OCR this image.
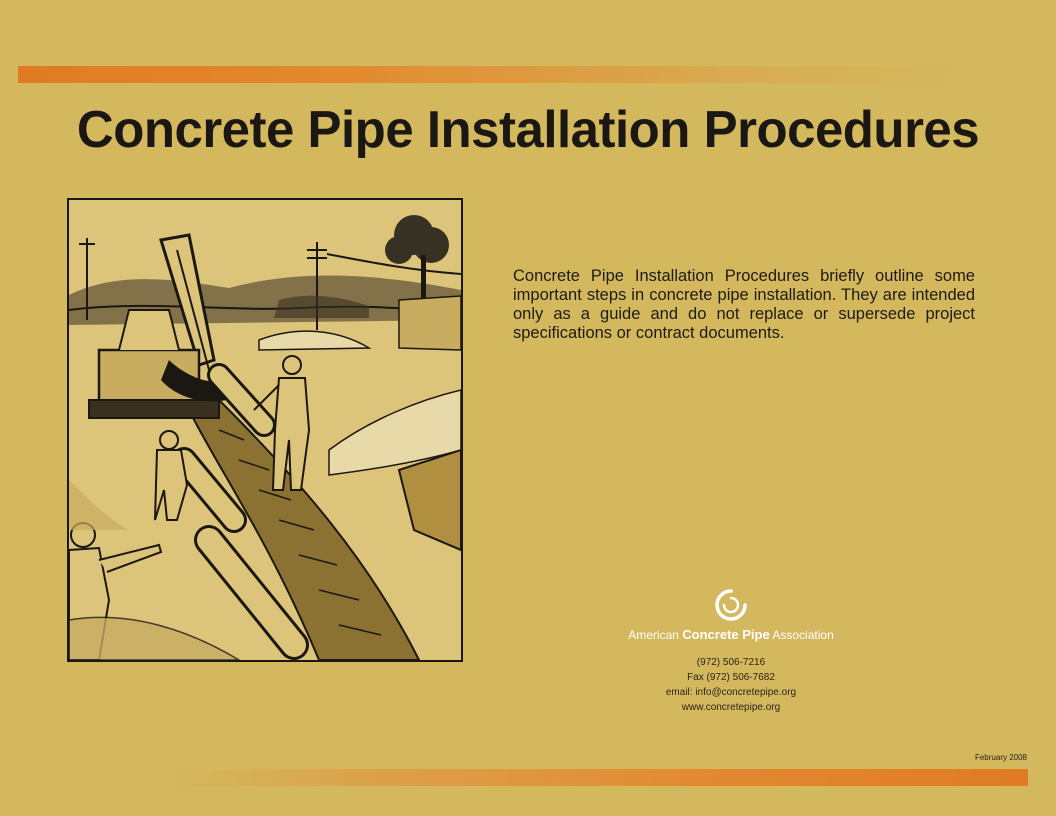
Concrete Pipe Installation Procedures

Concrete Pipe Installation Procedures briefly outline some important steps in concrete pipe installation. They are intended only as a guide and do not replace or supersede project specifications or contract documents.

American Concrete Pipe Association
(972) 506-7216
Fax (972) 506-7682
email: info@concretepipe.org
www.concretepipe.org
February 2008
